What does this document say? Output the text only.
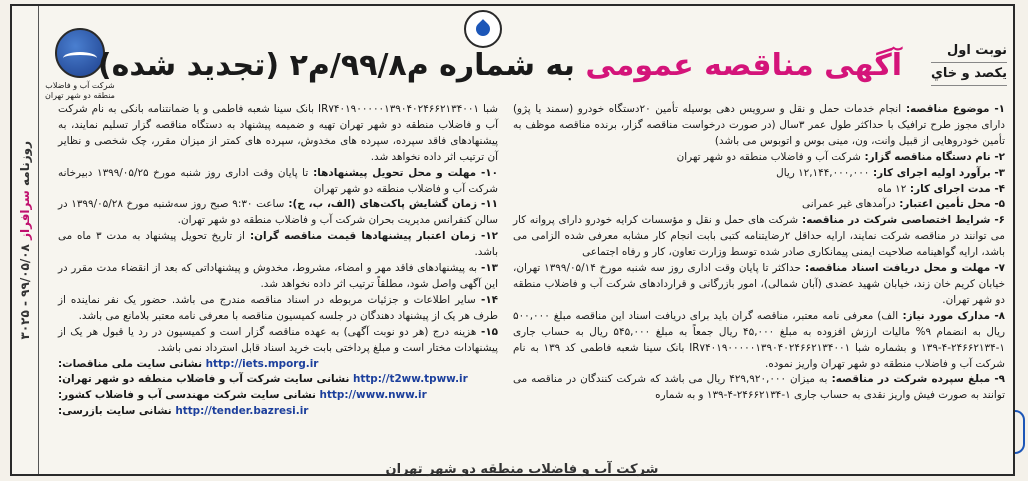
روزنامه سرافراز ۹۹/۰۵/۰۸ - ۳۰۲۵
شرکت آب و فاضلاب
منطقه دو شهر تهران
آگهی مناقصه عمومی به شماره م۹۹/۸/م۲ (تجدید شده)	نوبت اول
یکصد و خاي

۱- موضوع مناقصه: انجام خدمات حمل و نقل و سرویس دهی بوسیله تأمین ۲۰دستگاه خودرو (سمند یا پژو) دارای مجوز طرح ترافیک با حداکثر طول عمر ۳سال (در صورت درخواست مناقصه گزار، برنده مناقصه موظف به تأمین خودروهایی از قبیل وانت، ون، مینی بوس و اتوبوس می باشد)

۲- نام دستگاه مناقصه گزار: شرکت آب و فاضلاب منطقه دو شهر تهران

۳- برآورد اولیه اجرای کار: ۱۲,۱۴۴,۰۰۰,۰۰۰ ریال

۴- مدت اجرای کار: ۱۲ ماه

۵- محل تأمین اعتبار: درآمدهای غیر عمرانی

۶- شرایط اختصاصی شرکت در مناقصه: شرکت های حمل و نقل و مؤسسات کرایه خودرو دارای پروانه کار می توانند در مناقصه شرکت نمایند، ارایه حداقل ۲رضایتنامه کتبی بابت انجام کار مشابه معرفی شده الزامی می باشد، ارایه گواهینامه صلاحیت ایمنی پیمانکاری صادر شده توسط وزارت تعاون، کار و رفاه اجتماعی

۷- مهلت و محل دریافت اسناد مناقصه: حداکثر تا پایان وقت اداری روز سه شنبه مورخ ۱۳۹۹/۰۵/۱۴ تهران، خیابان کریم خان زند، خیابان شهید عضدی (آبان شمالی)، امور بازرگانی و قراردادهای شرکت آب و فاضلاب منطقه دو شهر تهران.

۸- مدارک مورد نیاز: الف) معرفی نامه معتبر، مناقصه گران باید برای دریافت اسناد این مناقصه مبلغ ۵۰۰,۰۰۰ ریال به انضمام ۹% مالیات ارزش افزوده به مبلغ ۴۵,۰۰۰ ریال جمعاً به مبلغ ۵۴۵,۰۰۰ ریال به حساب جاری ۱-۲۴۶۶۲۱۳۴-۴-۱۳۹ و بشماره شبا IR۷۴۰۱۹۰۰۰۰۰۱۳۹۰۴۰۲۴۶۶۲۱۳۴۰۰۱ بانک سینا شعبه فاطمی کد ۱۳۹ به نام شرکت آب و فاضلاب منطقه دو شهر تهران واریز نموده.

۹- مبلغ سپرده شرکت در مناقصه: به میزان ۴۲۹,۹۲۰,۰۰۰ ریال می باشد که شرکت کنندگان در مناقصه می توانند به صورت فیش واریز نقدی به حساب جاری ۱-۲۴۶۶۲۱۳۴-۴-۱۳۹ و به شماره

شبا IR۷۴۰۱۹۰۰۰۰۰۱۳۹۰۴۰۲۴۶۶۲۱۳۴۰۰۱ بانک سینا شعبه فاطمی و یا ضمانتنامه بانکی به نام شرکت آب و فاضلاب منطقه دو شهر تهران تهیه و ضمیمه پیشنهاد به دستگاه مناقصه گزار تسلیم نمایند، به پیشنهادهای فاقد سپرده، سپرده های مخدوش، سپرده های کمتر از میزان مقرر، چک شخصی و نظایر آن ترتیب اثر داده نخواهد شد.

۱۰- مهلت و محل تحویل پیشنهادها: تا پایان وقت اداری روز شنبه مورخ ۱۳۹۹/۰۵/۲۵ دبیرخانه شرکت آب و فاضلاب منطقه دو شهر تهران

۱۱- زمان گشایش پاکت‌های (الف، ب، ج): ساعت ۹:۳۰ صبح روز سه‌شنبه مورخ ۱۳۹۹/۰۵/۲۸ در سالن کنفرانس مدیریت بحران شرکت آب و فاضلاب منطقه دو شهر تهران.

۱۲- زمان اعتبار پیشنهادها قیمت مناقصه گران: از تاریخ تحویل پیشنهاد به مدت ۳ ماه می باشد.

۱۳- به پیشنهادهای فاقد مهر و امضاء، مشروط، مخدوش و پیشنهاداتی که بعد از انقضاء مدت مقرر در این آگهی واصل شود، مطلقاً ترتیب اثر داده نخواهد شد.

۱۴- سایر اطلاعات و جزئیات مربوطه در اسناد مناقصه مندرج می باشد. حضور یک نفر نماینده از طرف هر یک از پیشنهاد دهندگان در جلسه کمیسیون مناقصه با معرفی نامه معتبر بلامانع می باشد.

۱۵- هزینه درج (هر دو نوبت آگهی) به عهده مناقصه گزار است و کمیسیون در رد یا قبول هر یک از پیشنهادات مختار است و مبلغ پرداختی بابت خرید اسناد قابل استرداد نمی باشد.

http://iets.mporg.ir نشانی سایت ملی مناقصات:
http://t2ww.tpww.ir نشانی سایت شرکت آب و فاضلاب منطقه دو شهر تهران:
http://www.nww.ir نشانی سایت شرکت مهندسی آب و فاضلاب کشور:
http://tender.bazresi.ir نشانی سایت بازرسی:
شرکت آب و فاضلاب منطقه دو شهر تهران
